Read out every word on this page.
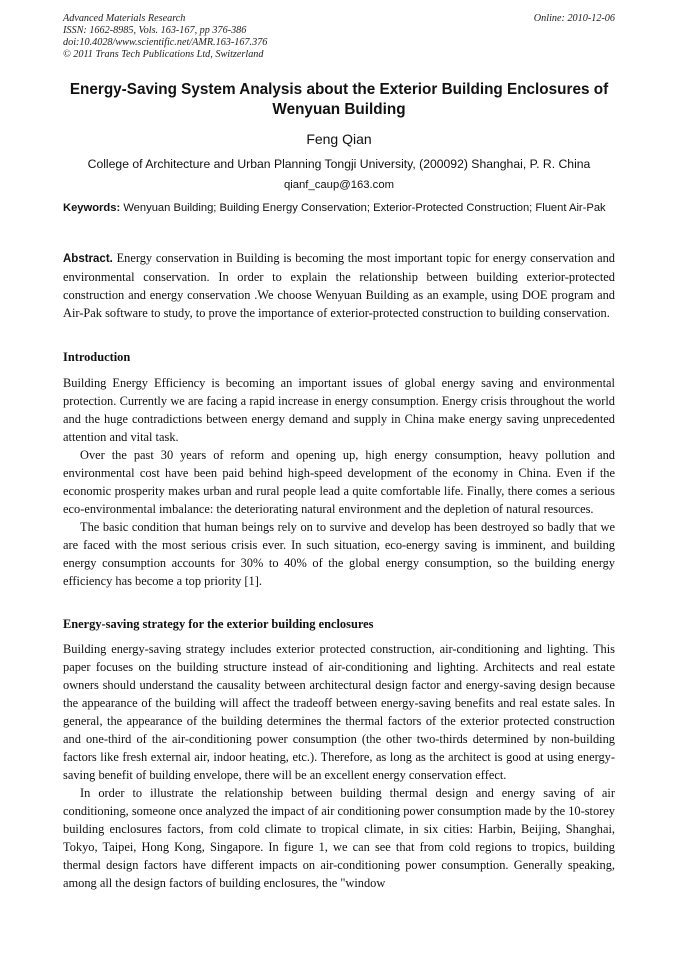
Advanced Materials Research
ISSN: 1662-8985, Vols. 163-167, pp 376-386
doi:10.4028/www.scientific.net/AMR.163-167.376
© 2011 Trans Tech Publications Ltd, Switzerland
Online: 2010-12-06
Energy-Saving System Analysis about the Exterior Building Enclosures of Wenyuan Building
Feng Qian
College of Architecture and Urban Planning Tongji University, (200092) Shanghai, P. R. China
qianf_caup@163.com
Keywords: Wenyuan Building; Building Energy Conservation; Exterior-Protected Construction; Fluent Air-Pak

Abstract. Energy conservation in Building is becoming the most important topic for energy conservation and environmental conservation. In order to explain the relationship between building exterior-protected construction and energy conservation .We choose Wenyuan Building as an example, using DOE program and Air-Pak software to study, to prove the importance of exterior-protected construction to building conservation.

Introduction

Building Energy Efficiency is becoming an important issues of global energy saving and environmental protection. Currently we are facing a rapid increase in energy consumption. Energy crisis throughout the world and the huge contradictions between energy demand and supply in China make energy saving unprecedented attention and vital task.

Over the past 30 years of reform and opening up, high energy consumption, heavy pollution and environmental cost have been paid behind high-speed development of the economy in China. Even if the economic prosperity makes urban and rural people lead a quite comfortable life. Finally, there comes a serious eco-environmental imbalance: the deteriorating natural environment and the depletion of natural resources.

The basic condition that human beings rely on to survive and develop has been destroyed so badly that we are faced with the most serious crisis ever. In such situation, eco-energy saving is imminent, and building energy consumption accounts for 30% to 40% of the global energy consumption, so the building energy efficiency has become a top priority [1].

Energy-saving strategy for the exterior building enclosures

Building energy-saving strategy includes exterior protected construction, air-conditioning and lighting. This paper focuses on the building structure instead of air-conditioning and lighting. Architects and real estate owners should understand the causality between architectural design factor and energy-saving design because the appearance of the building will affect the tradeoff between energy-saving benefits and real estate sales. In general, the appearance of the building determines the thermal factors of the exterior protected construction and one-third of the air-conditioning power consumption (the other two-thirds determined by non-building factors like fresh external air, indoor heating, etc.). Therefore, as long as the architect is good at using energy-saving benefit of building envelope, there will be an excellent energy conservation effect.

In order to illustrate the relationship between building thermal design and energy saving of air conditioning, someone once analyzed the impact of air conditioning power consumption made by the 10-storey building enclosures factors, from cold climate to tropical climate, in six cities: Harbin, Beijing, Shanghai, Tokyo, Taipei, Hong Kong, Singapore. In figure 1, we can see that from cold regions to tropics, building thermal design factors have different impacts on air-conditioning power consumption. Generally speaking, among all the design factors of building enclosures, the "window
